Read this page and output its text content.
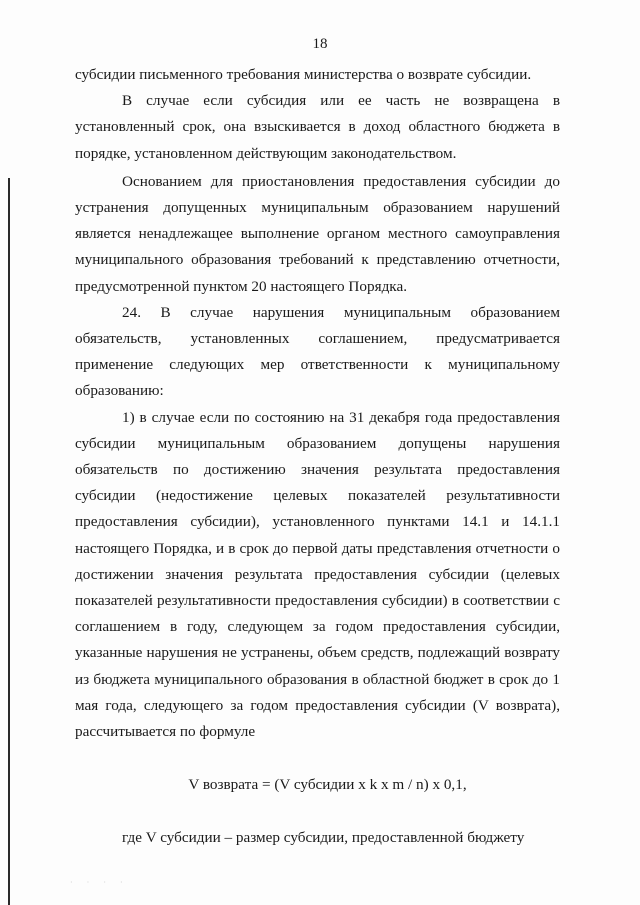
18

субсидии письменного требования министерства о возврате субсидии.

В случае если субсидия или ее часть не возвращена в установленный срок, она взыскивается в доход областного бюджета в порядке, установленном действующим законодательством.

Основанием для приостановления предоставления субсидии до устранения допущенных муниципальным образованием нарушений является ненадлежащее выполнение органом местного самоуправления муниципального образования требований к представлению отчетности, предусмотренной пунктом 20 настоящего Порядка.

24. В случае нарушения муниципальным образованием обязательств, установленных соглашением, предусматривается применение следующих мер ответственности к муниципальному образованию:

1) в случае если по состоянию на 31 декабря года предоставления субсидии муниципальным образованием допущены нарушения обязательств по достижению значения результата предоставления субсидии (недостижение целевых показателей результативности предоставления субсидии), установленного пунктами 14.1 и 14.1.1 настоящего Порядка, и в срок до первой даты представления отчетности о достижении значения результата предоставления субсидии (целевых показателей результативности предоставления субсидии) в соответствии с соглашением в году, следующем за годом предоставления субсидии, указанные нарушения не устранены, объем средств, подлежащий возврату из бюджета муниципального образования в областной бюджет в срок до 1 мая года, следующего за годом предоставления субсидии (V возврата), рассчитывается по формуле

V возврата = (V субсидии x k x m / n) x 0,1,

где V субсидии – размер субсидии, предоставленной бюджету

· · · ·
